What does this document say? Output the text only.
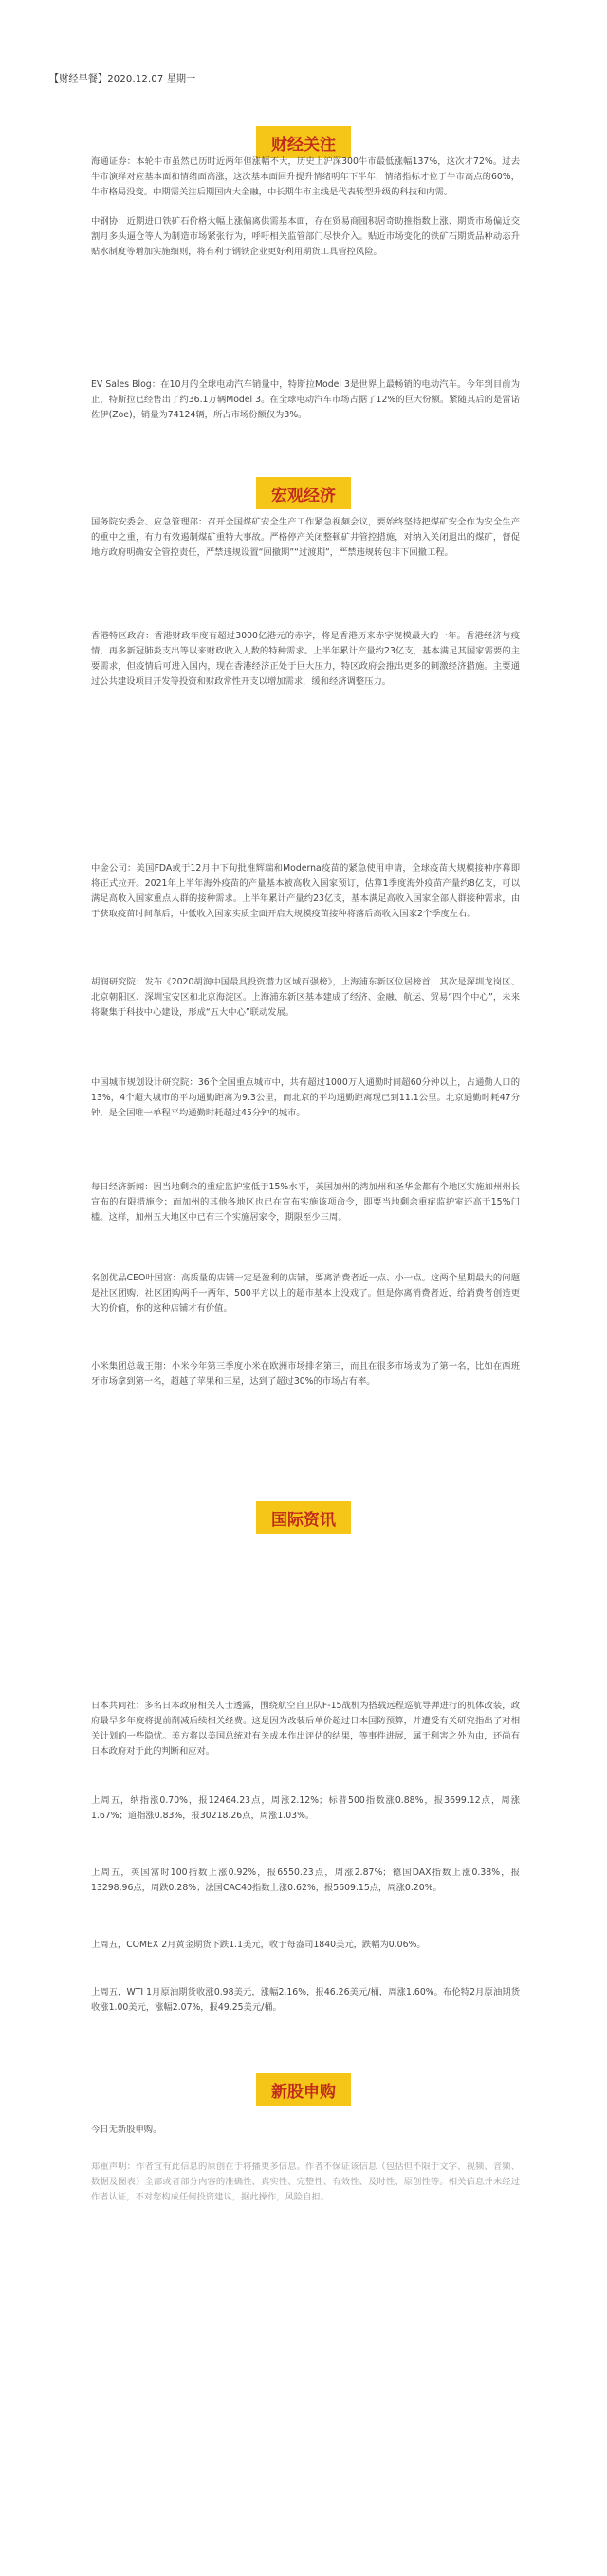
【财经早餐】2020.12.07 星期一
财经关注
海通证券：本轮牛市虽然已历时近两年但涨幅不大，历史上沪深300牛市最低涨幅137%，这次才72%。过去牛市演绎对应基本面和情绪面高涨，这次基本面回升提升情绪明年下半年，情绪指标才位于牛市高点的60%，牛市格局没变。中期需关注后期国内大金融，中长期牛市主线是代表转型升级的科技和内需。
中钢协：近期进口铁矿石价格大幅上涨偏离供需基本面，存在贸易商囤积居奇助推指数上涨、期货市场偏近交割月多头逼仓等人为制造市场紧张行为，呼吁相关监管部门尽快介入。贴近市场变化的铁矿石期货品种动态升贴水制度等增加实施细则，将有利于钢铁企业更好利用期货工具管控风险。
EV Sales Blog：在10月的全球电动汽车销量中，特斯拉Model 3是世界上最畅销的电动汽车。今年到目前为止，特斯拉已经售出了约36.1万辆Model 3。在全球电动汽车市场占据了12%的巨大份额。紧随其后的是雷诺佐伊(Zoe)，销量为74124辆，所占市场份额仅为3%。
宏观经济
国务院安委会、应急管理部：召开全国煤矿安全生产工作紧急视频会议，要始终坚持把煤矿安全作为安全生产的重中之重，有力有效遏制煤矿重特大事故。严格停产关闭整顿矿井管控措施，对纳入关闭退出的煤矿，督促地方政府明确安全管控责任，严禁违规设置“回撤期”“过渡期”，严禁违规转包非下回撤工程。
香港特区政府：香港财政年度有超过3000亿港元的赤字，将是香港历来赤字规模最大的一年。香港经济与疫情，再多新冠肺炎支出等以来财政收入人数的特种需求。上半年累计产量约23亿支，基本满足其国家需要的主要需求，但疫情后可进入国内，现在香港经济正处于巨大压力，特区政府会推出更多的刺激经济措施。主要通过公共建设项目开发等投资和财政常性开支以增加需求，缓和经济调整压力。
中金公司：美国FDA或于12月中下旬批准辉瑞和Moderna疫苗的紧急使用申请，全球疫苗大规模接种序幕即将正式拉开。2021年上半年海外疫苗的产量基本被高收入国家预订，估算1季度海外疫苗产量约8亿支，可以满足高收入国家重点人群的接种需求。上半年累计产量约23亿支，基本满足高收入国家全部人群接种需求，由于获取疫苗时间靠后，中低收入国家实质全面开启大规模疫苗接种将落后高收入国家2个季度左右。
胡润研究院：发布《2020胡润中国最具投资潜力区域百强榜》，上海浦东新区位居榜首，其次是深圳龙岗区、北京朝阳区、深圳宝安区和北京海淀区。上海浦东新区基本建成了经济、金融、航运、贸易“四个中心”，未来将聚集于科技中心建设，形成“五大中心”联动发展。
中国城市规划设计研究院：36个全国重点城市中，共有超过1000万人通勤时间超60分钟以上，占通勤人口的13%，4个超大城市的平均通勤距离为9.3公里，而北京的平均通勤距离现已到11.1公里。北京通勤时耗47分钟，是全国唯一单程平均通勤时耗超过45分钟的城市。
每日经济新闻：因当地剩余的重症监护室低于15%水平，美国加州的湾加州和圣华金都有个地区实施加州州长宣布的有限措施令；而加州的其他各地区也已在宣布实施该项命令，即要当地剩余重症监护室还高于15%门槛。这样，加州五大地区中已有三个实施居家令，期限至少三周。
名创优品CEO叶国富：高质量的店铺一定是盈利的店铺，要离消费者近一点、小一点。这两个星期最大的问题是社区团购，社区团购两千一两年，500平方以上的超市基本上没戏了。但是你离消费者近，给消费者创造更大的价值，你的这种店铺才有价值。
小米集团总裁王翔：小米今年第三季度小米在欧洲市场排名第三，而且在很多市场成为了第一名，比如在西班牙市场拿到第一名，超越了苹果和三星，达到了超过30%的市场占有率。
国际资讯
日本共同社：多名日本政府相关人士透露，围绕航空自卫队F-15战机为搭载远程巡航导弹进行的机体改装，政府最早多年度将提前削减后续相关经费。这是因为改装后单价超过日本国防预算，并遭受有关研究指出了对相关计划的一些隐忧。美方将以美国总统对有关成本作出评估的结果，等事件进展，属于利害之外为由，还尚有日本政府对于此的判断和应对。
上周五，纳指涨0.70%，报12464.23点，周涨2.12%；标普500指数涨0.88%，报3699.12点，周涨1.67%；道指涨0.83%，报30218.26点，周涨1.03%。
上周五，英国富时100指数上涨0.92%，报6550.23点，周涨2.87%；德国DAX指数上涨0.38%，报13298.96点，周跌0.28%；法国CAC40指数上涨0.62%，报5609.15点，周涨0.20%。
上周五，COMEX 2月黄金期货下跌1.1美元，收于每盎司1840美元，跌幅为0.06%。
上周五，WTI 1月原油期货收涨0.98美元，涨幅2.16%，报46.26美元/桶，周涨1.60%。布伦特2月原油期货收涨1.00美元，涨幅2.07%，报49.25美元/桶。
新股申购
今日无新股申购。
郑重声明：作者宜有此信息的原创在于将播更多信息。作者不保证该信息（包括但不限于文字、视频、音频、数据及图表）全部或者部分内容的准确性、真实性、完整性、有效性、及时性、原创性等。相关信息并未经过作者认证，不对您构成任何投资建议，据此操作，风险自担。
